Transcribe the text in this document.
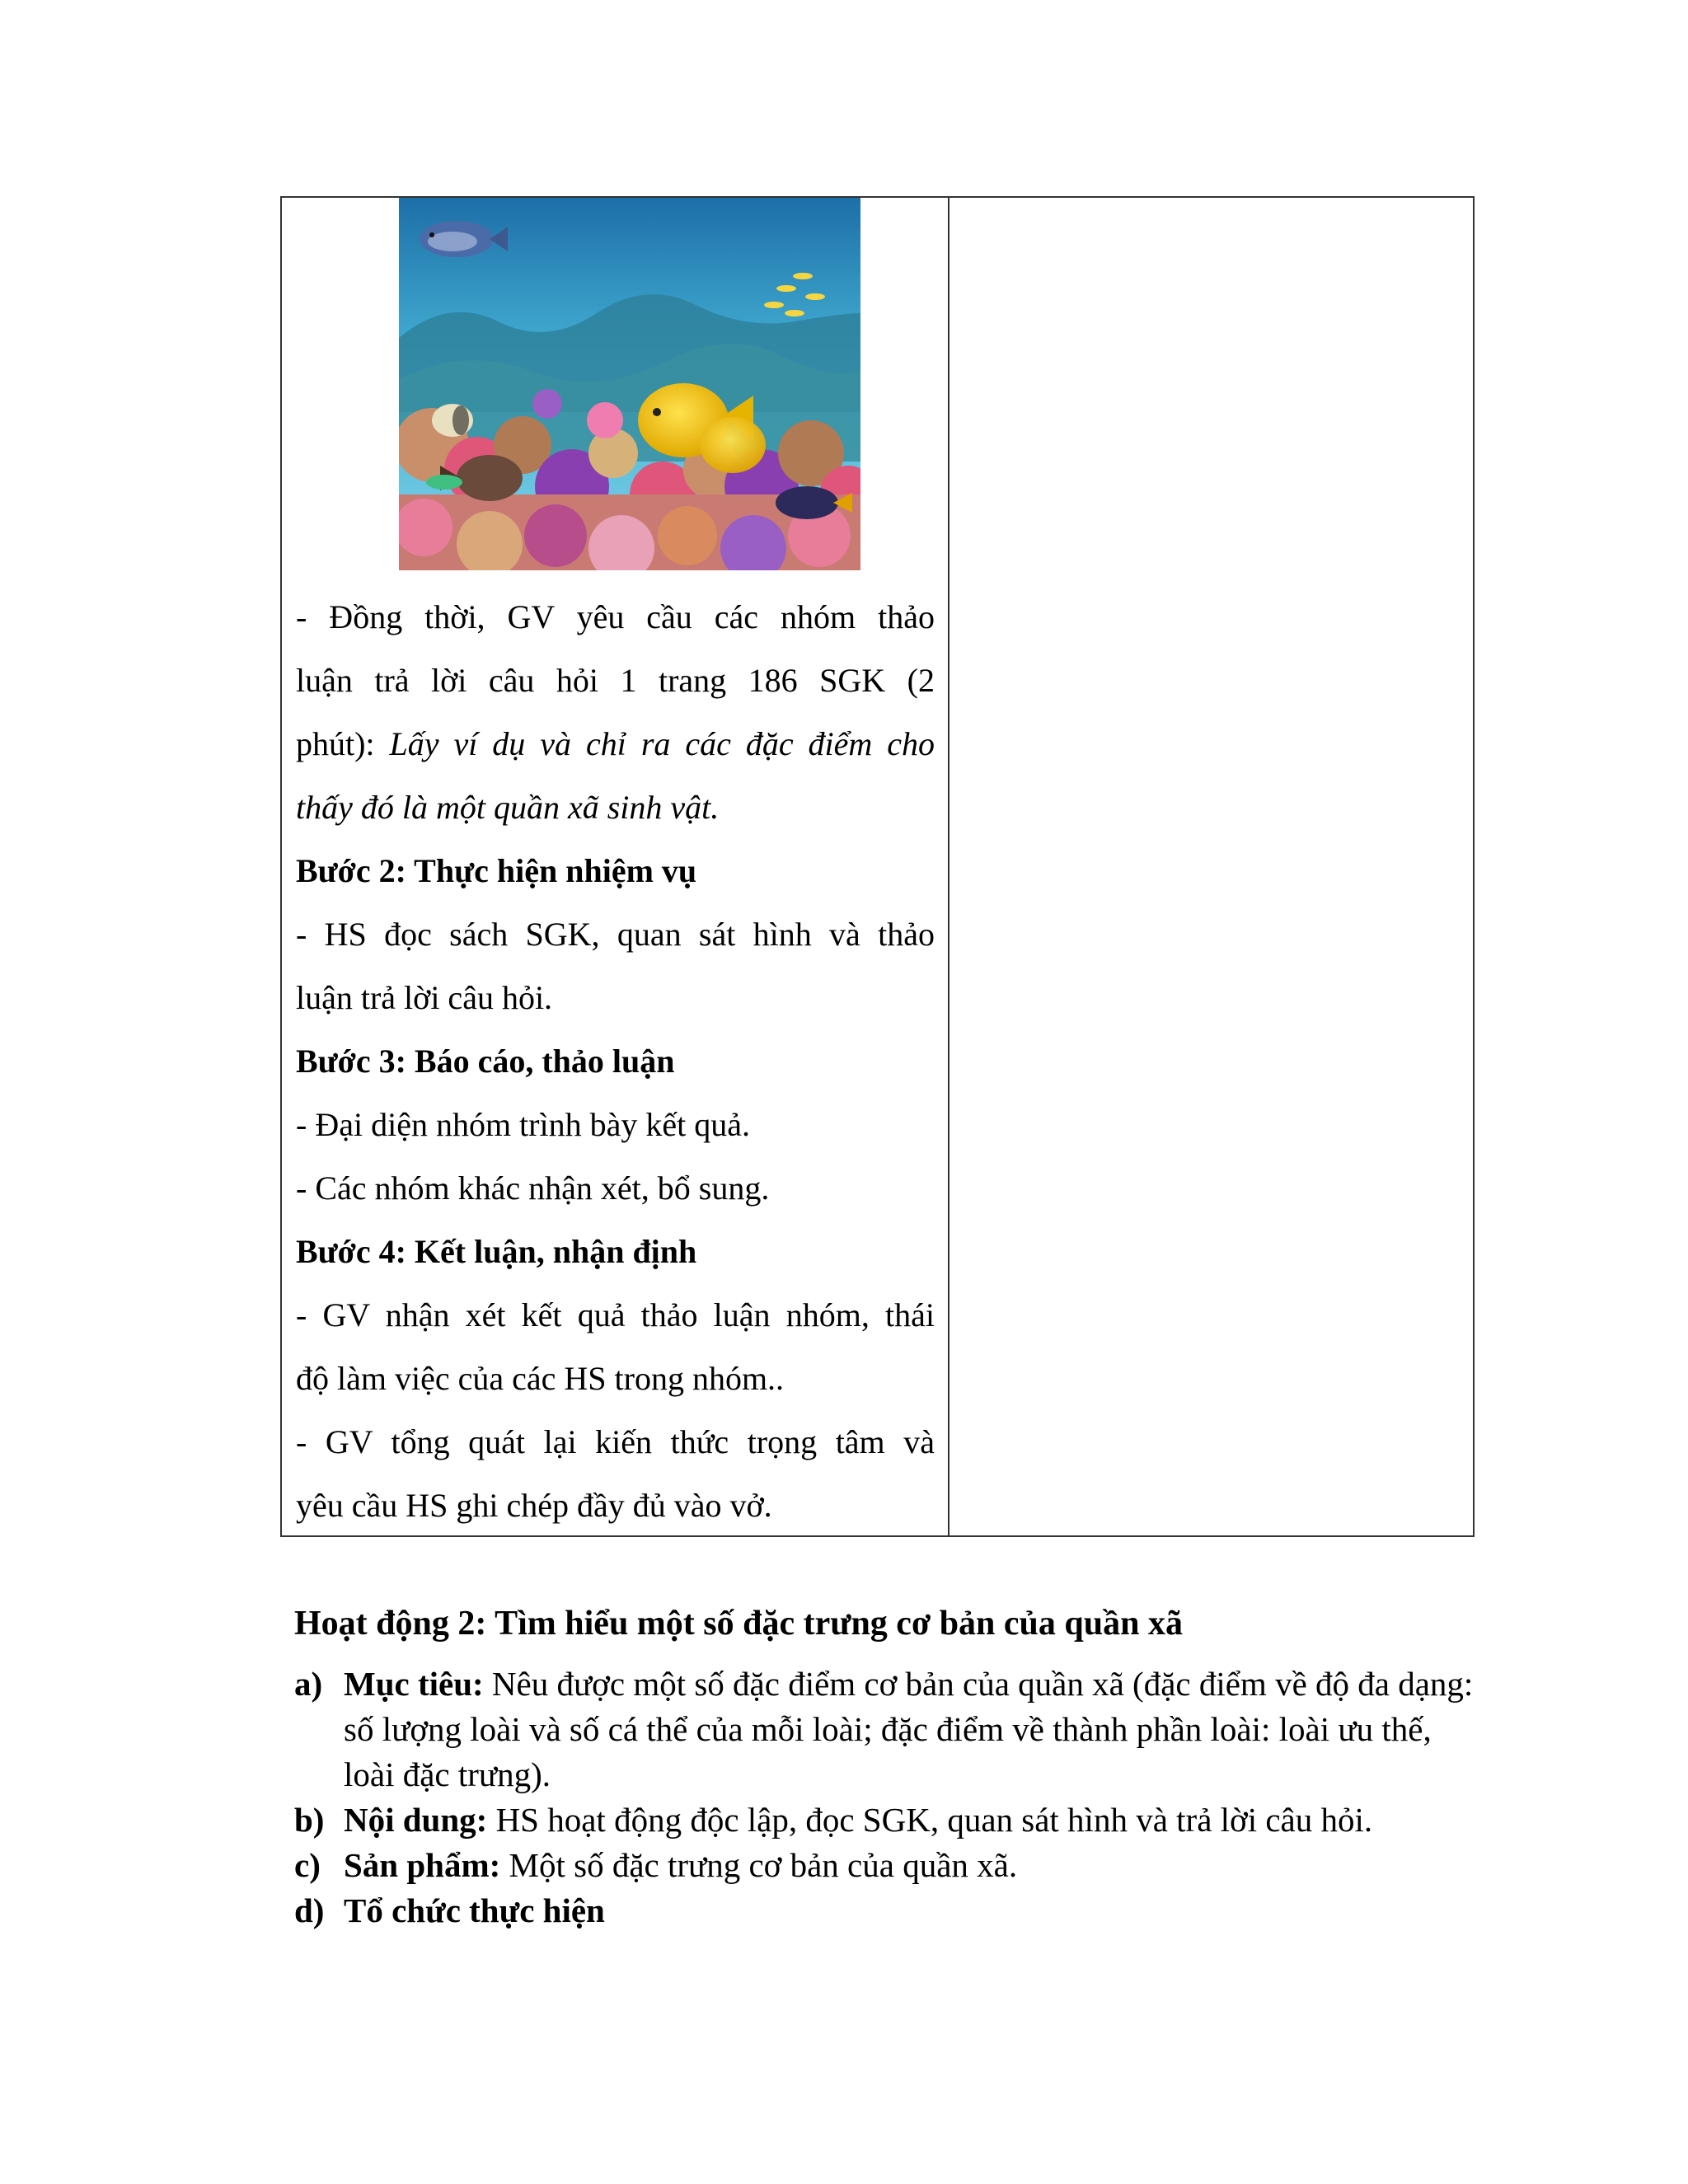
- Đồng thời, GV yêu cầu các nhóm thảo

luận trả lời câu hỏi 1 trang 186 SGK (2

phút): Lấy ví dụ và chỉ ra các đặc điểm cho

thấy đó là một quần xã sinh vật.

Bước 2: Thực hiện nhiệm vụ

- HS đọc sách SGK, quan sát hình và thảo

luận trả lời câu hỏi.

Bước 3: Báo cáo, thảo luận

- Đại diện nhóm trình bày kết quả.

- Các nhóm khác nhận xét, bổ sung.

Bước 4: Kết luận, nhận định

- GV nhận xét kết quả thảo luận nhóm, thái

độ làm việc của các HS trong nhóm..

- GV tổng quát lại kiến thức trọng tâm và

yêu cầu HS ghi chép đầy đủ vào vở.

Hoạt động 2: Tìm hiểu một số đặc trưng cơ bản của quần xã
a) Mục tiêu: Nêu được một số đặc điểm cơ bản của quần xã (đặc điểm về độ đa dạng: số lượng loài và số cá thể của mỗi loài; đặc điểm về thành phần loài: loài ưu thế, loài đặc trưng).
b) Nội dung: HS hoạt động độc lập, đọc SGK, quan sát hình và trả lời câu hỏi.
c) Sản phẩm: Một số đặc trưng cơ bản của quần xã.
d) Tổ chức thực hiện
